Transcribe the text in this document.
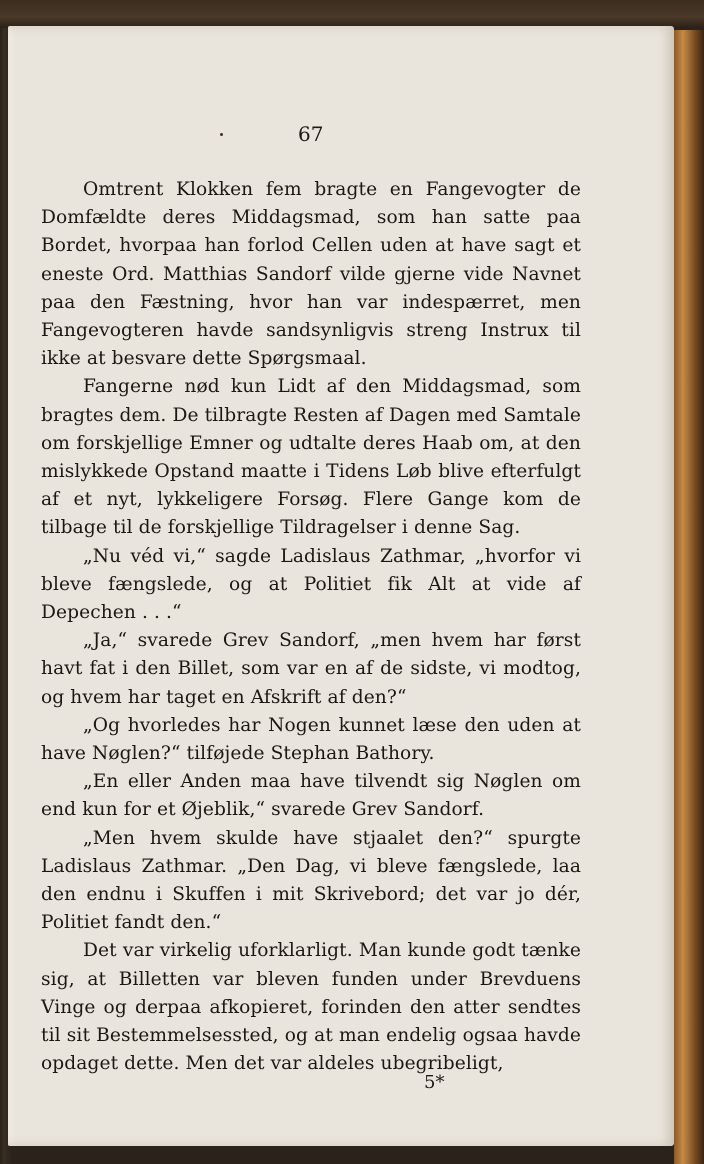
67

Omtrent Klokken fem bragte en Fangevogter de Domfældte deres Middagsmad, som han satte paa Bordet, hvorpaa han forlod Cellen uden at have sagt et eneste Ord. Matthias Sandorf vilde gjerne vide Navnet paa den Fæstning, hvor han var indespærret, men Fangevogteren havde sandsynligvis streng Instrux til ikke at besvare dette Spørgsmaal.

Fangerne nød kun Lidt af den Middagsmad, som bragtes dem. De tilbragte Resten af Dagen med Samtale om forskjellige Emner og udtalte deres Haab om, at den mislykkede Opstand maatte i Tidens Løb blive efterfulgt af et nyt, lykkeligere Forsøg. Flere Gange kom de tilbage til de forskjellige Tildragelser i denne Sag.

„Nu véd vi,“ sagde Ladislaus Zathmar, „hvorfor vi bleve fængslede, og at Politiet fik Alt at vide af Depechen . . .“

„Ja,“ svarede Grev Sandorf, „men hvem har først havt fat i den Billet, som var en af de sidste, vi modtog, og hvem har taget en Afskrift af den?“

„Og hvorledes har Nogen kunnet læse den uden at have Nøglen?“ tilføjede Stephan Bathory.

„En eller Anden maa have tilvendt sig Nøglen om end kun for et Øjeblik,“ svarede Grev Sandorf.

„Men hvem skulde have stjaalet den?“ spurgte Ladislaus Zathmar. „Den Dag, vi bleve fængslede, laa den endnu i Skuffen i mit Skrivebord; det var jo dér, Politiet fandt den.“

Det var virkelig uforklarligt. Man kunde godt tænke sig, at Billetten var bleven funden under Brevduens Vinge og derpaa afkopieret, forinden den atter sendtes til sit Bestemmelsessted, og at man endelig ogsaa havde opdaget dette. Men det var aldeles ubegribeligt,

5*
